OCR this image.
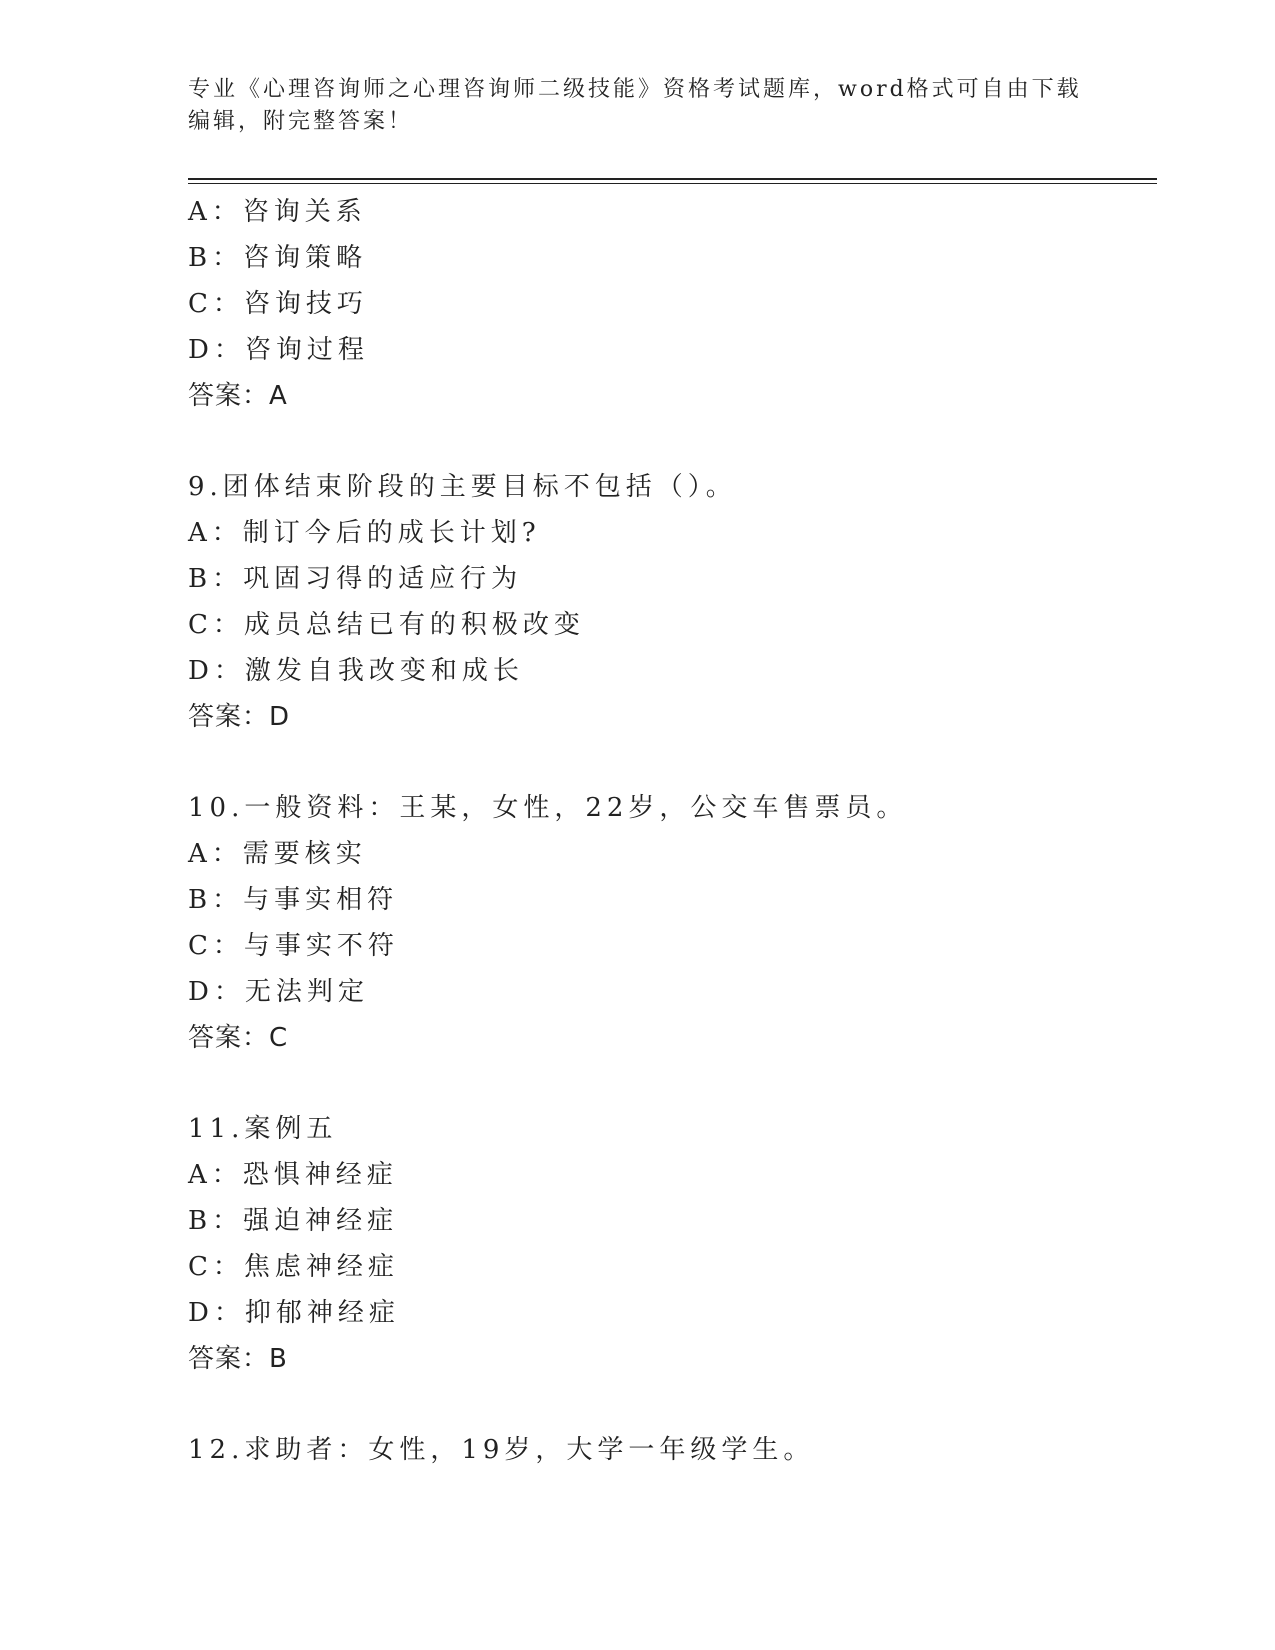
专业《心理咨询师之心理咨询师二级技能》资格考试题库，word格式可自由下载
编辑，附完整答案！
A：咨询关系
B：咨询策略
C：咨询技巧
D：咨询过程
答案：A
9.团体结束阶段的主要目标不包括（）。
A：制订今后的成长计划?
B：巩固习得的适应行为
C：成员总结已有的积极改变
D：激发自我改变和成长
答案：D
10.一般资料：王某，女性，22岁，公交车售票员。
A：需要核实
B：与事实相符
C：与事实不符
D：无法判定
答案：C
11.案例五
A：恐惧神经症
B：强迫神经症
C：焦虑神经症
D：抑郁神经症
答案：B
12.求助者：女性，19岁，大学一年级学生。
